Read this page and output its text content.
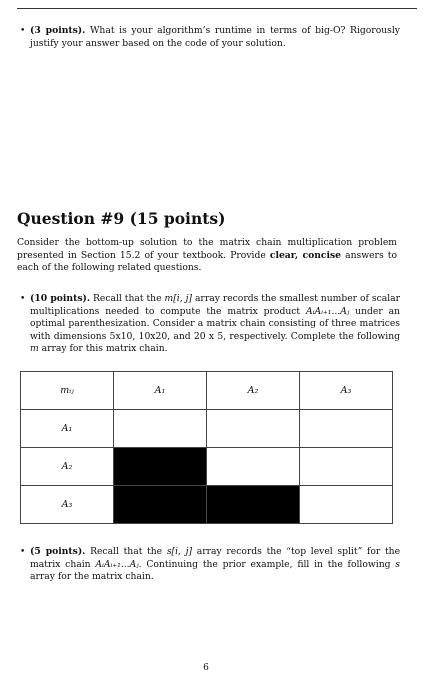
• (3 points). What is your algorithm’s runtime in terms of big-O? Rigorously justify your answer based on the code of your solution.
Question #9 (15 points)
Consider the bottom-up solution to the matrix chain multiplication problem presented in Section 15.2 of your textbook. Provide clear, concise answers to each of the following related questions.
• (10 points). Recall that the m[i, j] array records the smallest number of scalar multiplications needed to compute the matrix product AᵢAᵢ₊₁...Aⱼ under an optimal parenthesization. Consider a matrix chain consisting of three matrices with dimensions 5x10, 10x20, and 20 x 5, respectively. Complete the following m array for this matrix chain.
mᵢⱼ	A₁	A₂	A₃
A₁			
A₂			
A₃			
• (5 points). Recall that the s[i, j] array records the “top level split” for the matrix chain AᵢAᵢ₊₁...Aⱼ. Continuing the prior example, fill in the following s array for the matrix chain.
6
